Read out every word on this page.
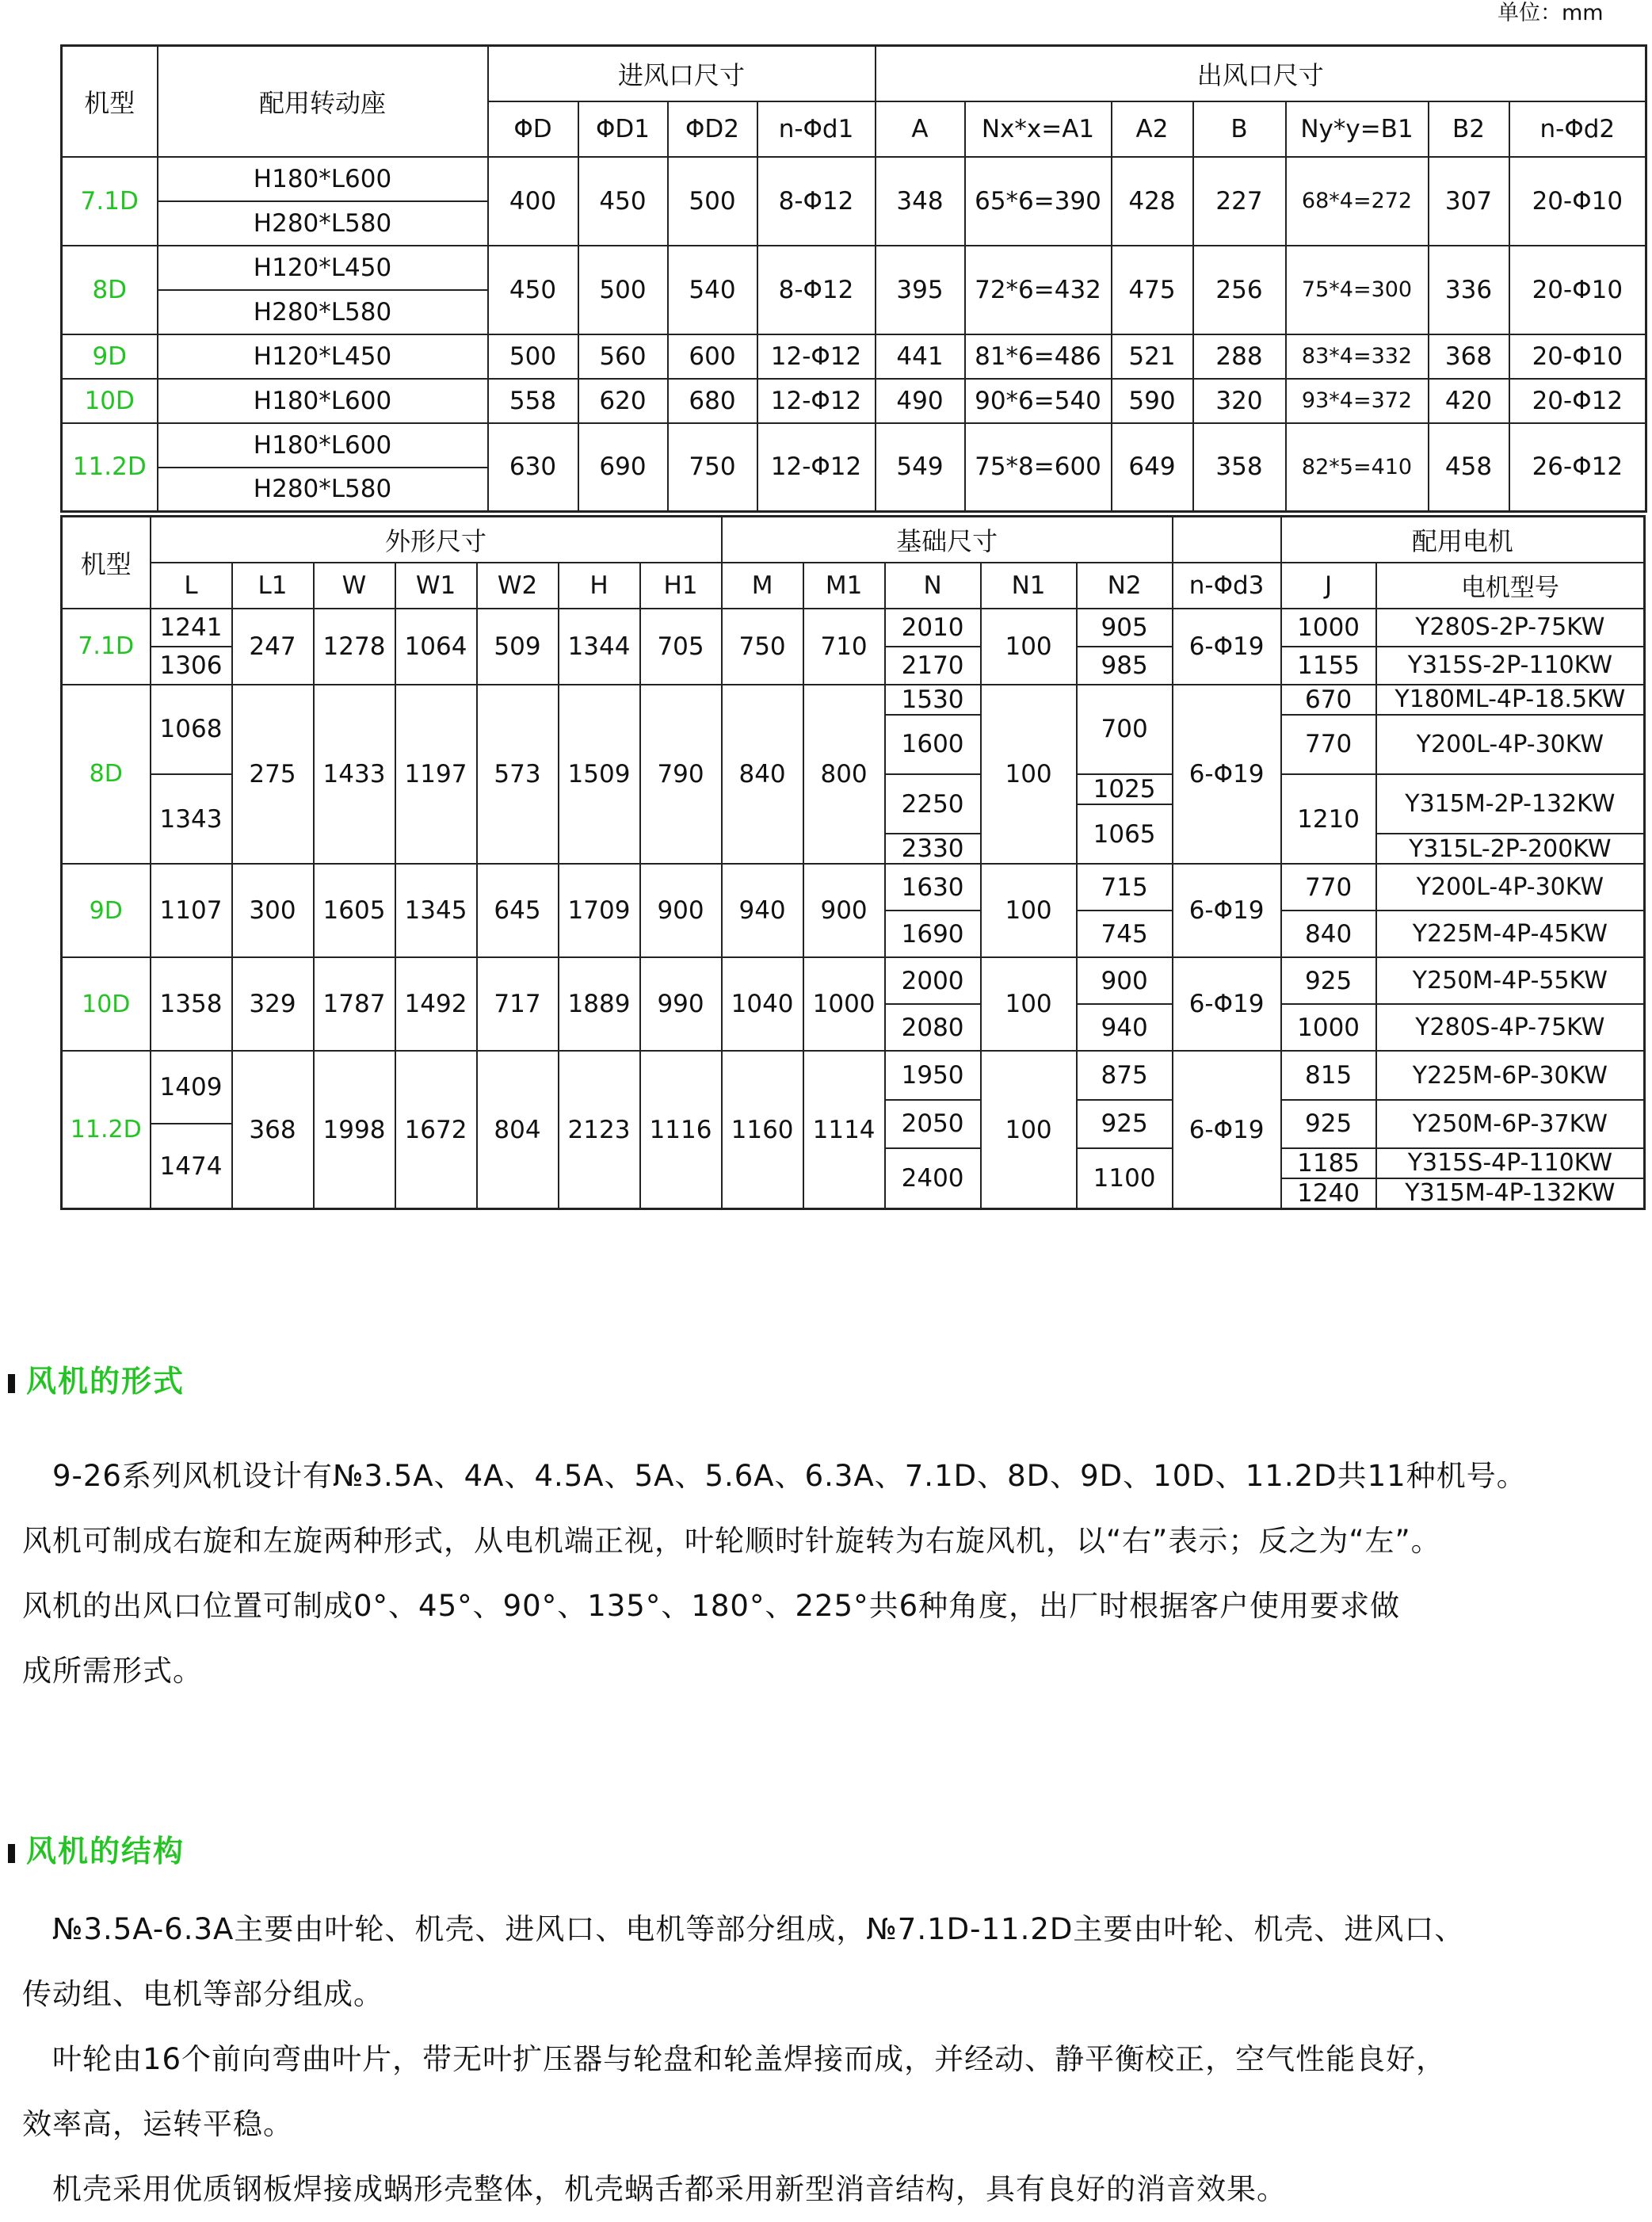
单位：mm
机型	配用转动座	进风口尺寸				出风口尺寸						
		ΦD	ΦD1	ΦD2	n-Φd1	A	Nx*x=A1	A2	B	Ny*y=B1	B2	n-Φd2
7.1D	H180*L600	400	450	500	8-Φ12	348	65*6=390	428	227	68*4=272	307	20-Φ10
	H280*L580											
8D	H120*L450	450	500	540	8-Φ12	395	72*6=432	475	256	75*4=300	336	20-Φ10
	H280*L580											
9D	H120*L450	500	560	600	12-Φ12	441	81*6=486	521	288	83*4=332	368	20-Φ10
10D	H180*L600	558	620	680	12-Φ12	490	90*6=540	590	320	93*4=372	420	20-Φ12
11.2D	H180*L600	630	690	750	12-Φ12	549	75*8=600	649	358	82*5=410	458	26-Φ12
	H280*L580											
机型	外形尺寸							基础尺寸						配用电机	
	L	L1	W	W1	W2	H	H1	M	M1	N	N1	N2	n-Φd3	J	电机型号
7.1D	1241	247	1278	1064	509	1344	705	750	710	2010	100	905	6-Φ19	1000	Y280S-2P-75KW

	1306									2170		985		1155	Y315S-2P-110KW

8D	1068	275	1433	1197	573	1509	790	840	800	1530	100	700	6-Φ19	670	Y180ML-4P-18.5KW
										1600				770	Y200L-4P-30KW

	1343									2250		1025		1210	Y315M-2P-132KW
												1065			
										2330					Y315L-2P-200KW
9D	1107	300	1605	1345	645	1709	900	940	900	1630	100	715	6-Φ19	770	Y200L-4P-30KW

										1690		745		840	Y225M-4P-45KW

10D	1358	329	1787	1492	717	1889	990	1040	1000	2000	100	900	6-Φ19	925	Y250M-4P-55KW

										2080		940		1000	Y280S-4P-75KW

11.2D	1409	368	1998	1672	804	2123	1116	1160	1114	1950	100	875	6-Φ19	815	Y225M-6P-30KW

										2050		925		925	Y250M-6P-37KW
	1474														
										2400		1100		1185	Y315S-4P-110KW
														1240	Y315M-4P-132KW
风机的形式

9-26系列风机设计有№3.5A、4A、4.5A、5A、5.6A、6.3A、7.1D、8D、9D、10D、11.2D共11种机号。

风机可制成右旋和左旋两种形式，从电机端正视，叶轮顺时针旋转为右旋风机，以“右”表示；反之为“左”。

风机的出风口位置可制成0°、45°、90°、135°、180°、225°共6种角度，出厂时根据客户使用要求做

成所需形式。

风机的结构

№3.5A-6.3A主要由叶轮、机壳、进风口、电机等部分组成，№7.1D-11.2D主要由叶轮、机壳、进风口、

传动组、电机等部分组成。

叶轮由16个前向弯曲叶片，带无叶扩压器与轮盘和轮盖焊接而成，并经动、静平衡校正，空气性能良好，

效率高，运转平稳。

机壳采用优质钢板焊接成蜗形壳整体，机壳蜗舌都采用新型消音结构，具有良好的消音效果。
